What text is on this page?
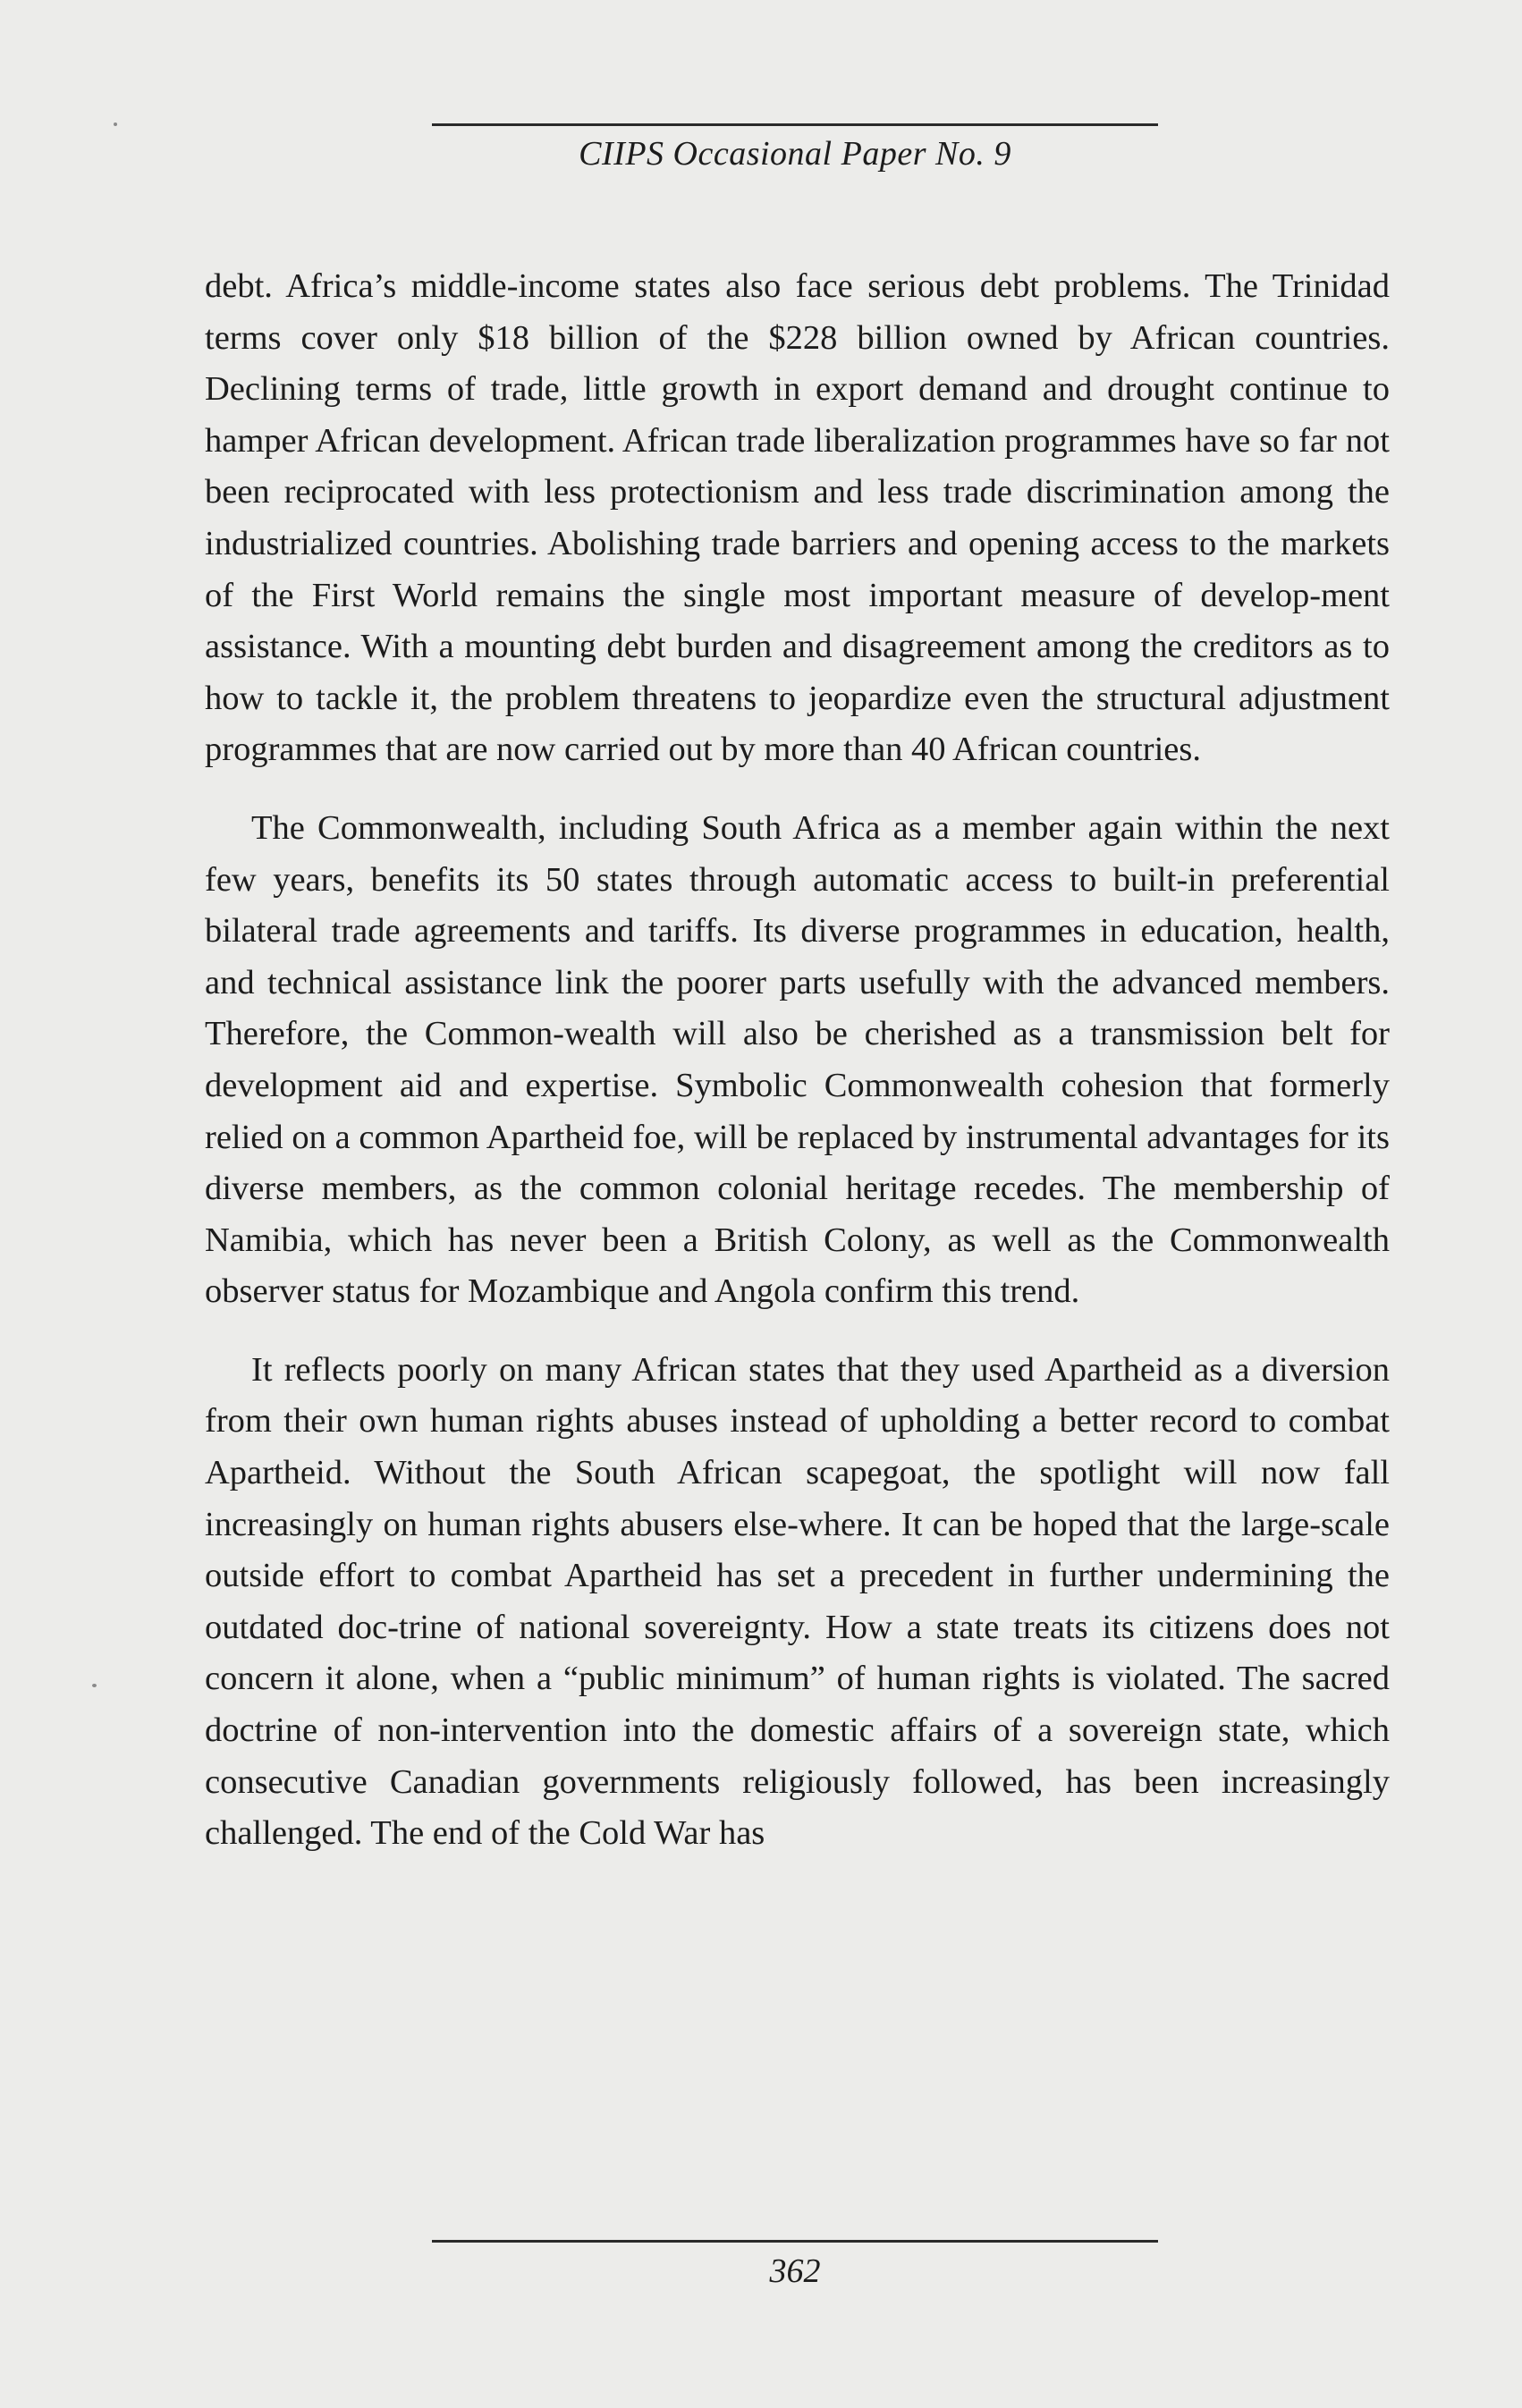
CIIPS Occasional Paper No. 9

debt. Africa’s middle-income states also face serious debt problems. The Trinidad terms cover only $18 billion of the $228 billion owned by African countries. Declining terms of trade, little growth in export demand and drought continue to hamper African development. African trade liberalization programmes have so far not been reciprocated with less protectionism and less trade discrimination among the industrialized countries. Abolishing trade barriers and opening access to the markets of the First World remains the single most important measure of develop-ment assistance. With a mounting debt burden and disagreement among the creditors as to how to tackle it, the problem threatens to jeopardize even the structural adjustment programmes that are now carried out by more than 40 African countries.

The Commonwealth, including South Africa as a member again within the next few years, benefits its 50 states through automatic access to built-in preferential bilateral trade agreements and tariffs. Its diverse programmes in education, health, and technical assistance link the poorer parts usefully with the advanced members. Therefore, the Common-wealth will also be cherished as a transmission belt for development aid and expertise. Symbolic Commonwealth cohesion that formerly relied on a common Apartheid foe, will be replaced by instrumental advantages for its diverse members, as the common colonial heritage recedes. The membership of Namibia, which has never been a British Colony, as well as the Commonwealth observer status for Mozambique and Angola confirm this trend.

It reflects poorly on many African states that they used Apartheid as a diversion from their own human rights abuses instead of upholding a better record to combat Apartheid. Without the South African scapegoat, the spotlight will now fall increasingly on human rights abusers else-where. It can be hoped that the large-scale outside effort to combat Apartheid has set a precedent in further undermining the outdated doc-trine of national sovereignty. How a state treats its citizens does not concern it alone, when a “public minimum” of human rights is violated. The sacred doctrine of non-intervention into the domestic affairs of a sovereign state, which consecutive Canadian governments religiously followed, has been increasingly challenged. The end of the Cold War has

362
